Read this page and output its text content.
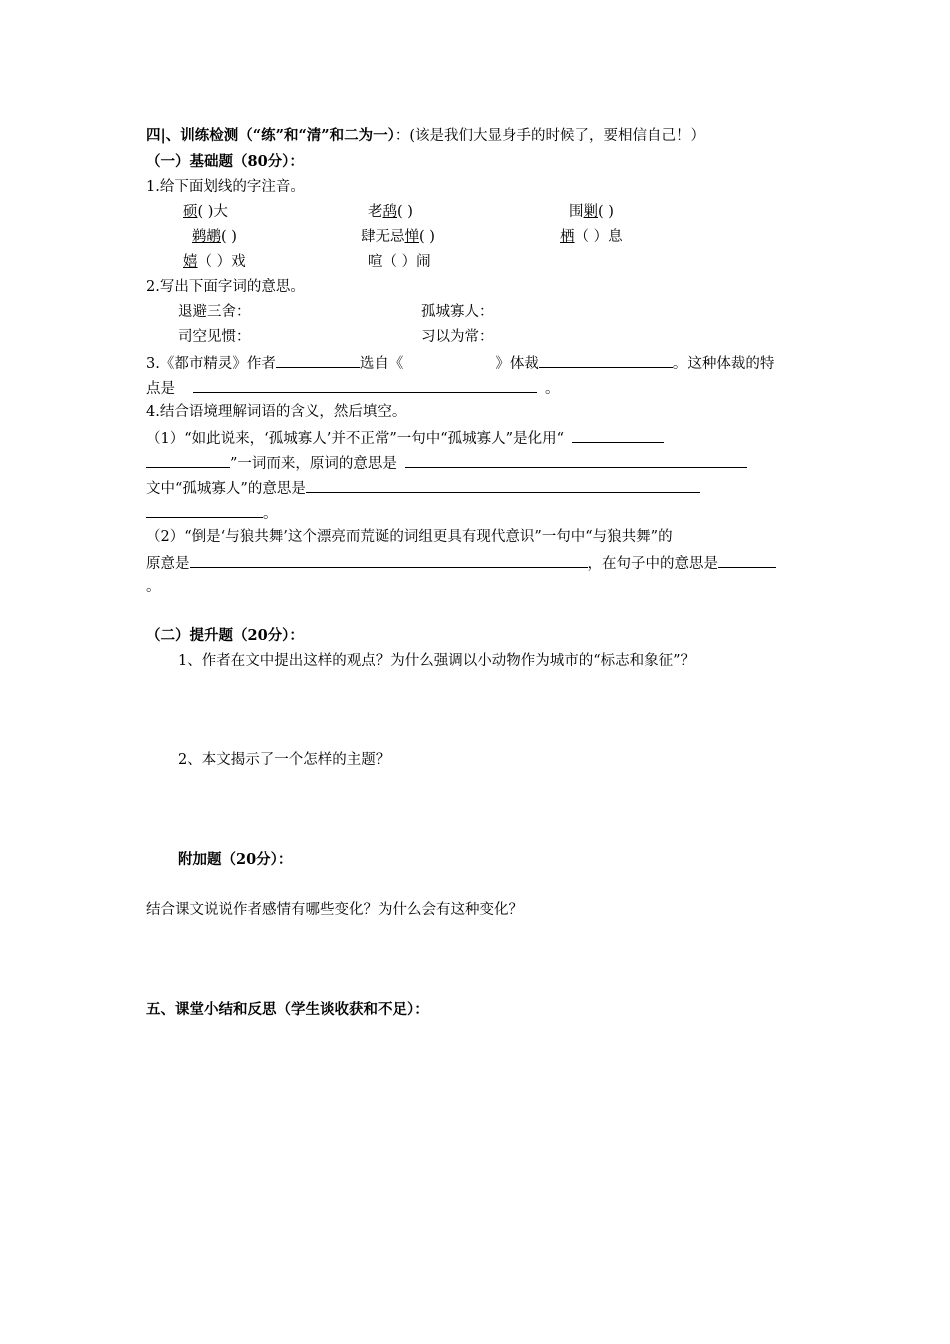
四|、训练检测（“练”和“清”和二为一）：(该是我们大显身手的时候了，要相信自己！）
（一）基础题（80分）：
1.给下面划线的字注音。
硕( )大	老鸹( )	围剿( )
鹈鹕( )	肆无忌惮( )	栖（ ）息
嬉（ ）戏	喧（ ）闹
2.写出下面字词的意思。
退避三舍：	孤城寡人：
司空见惯：	习以为常：
3.《都市精灵》作者	选自《	》体裁	。这种体裁的特
点是	。
4.结合语境理解词语的含义，然后填空。
（1）“如此说来，‘孤城寡人’并不正常”一句中“孤城寡人”是化用“
”一词而来，原词的意思是
文中“孤城寡人”的意思是
。
（2）“倒是‘与狼共舞’这个漂亮而荒诞的词组更具有现代意识”一句中“与狼共舞”的
原意是	，在句子中的意思是
。
（二）提升题（20分）：
1、作者在文中提出这样的观点？为什么强调以小动物作为城市的“标志和象征”？
2、本文揭示了一个怎样的主题？
附加题（20分）：
结合课文说说作者感情有哪些变化？为什么会有这种变化？
五、课堂小结和反思（学生谈收获和不足）：
